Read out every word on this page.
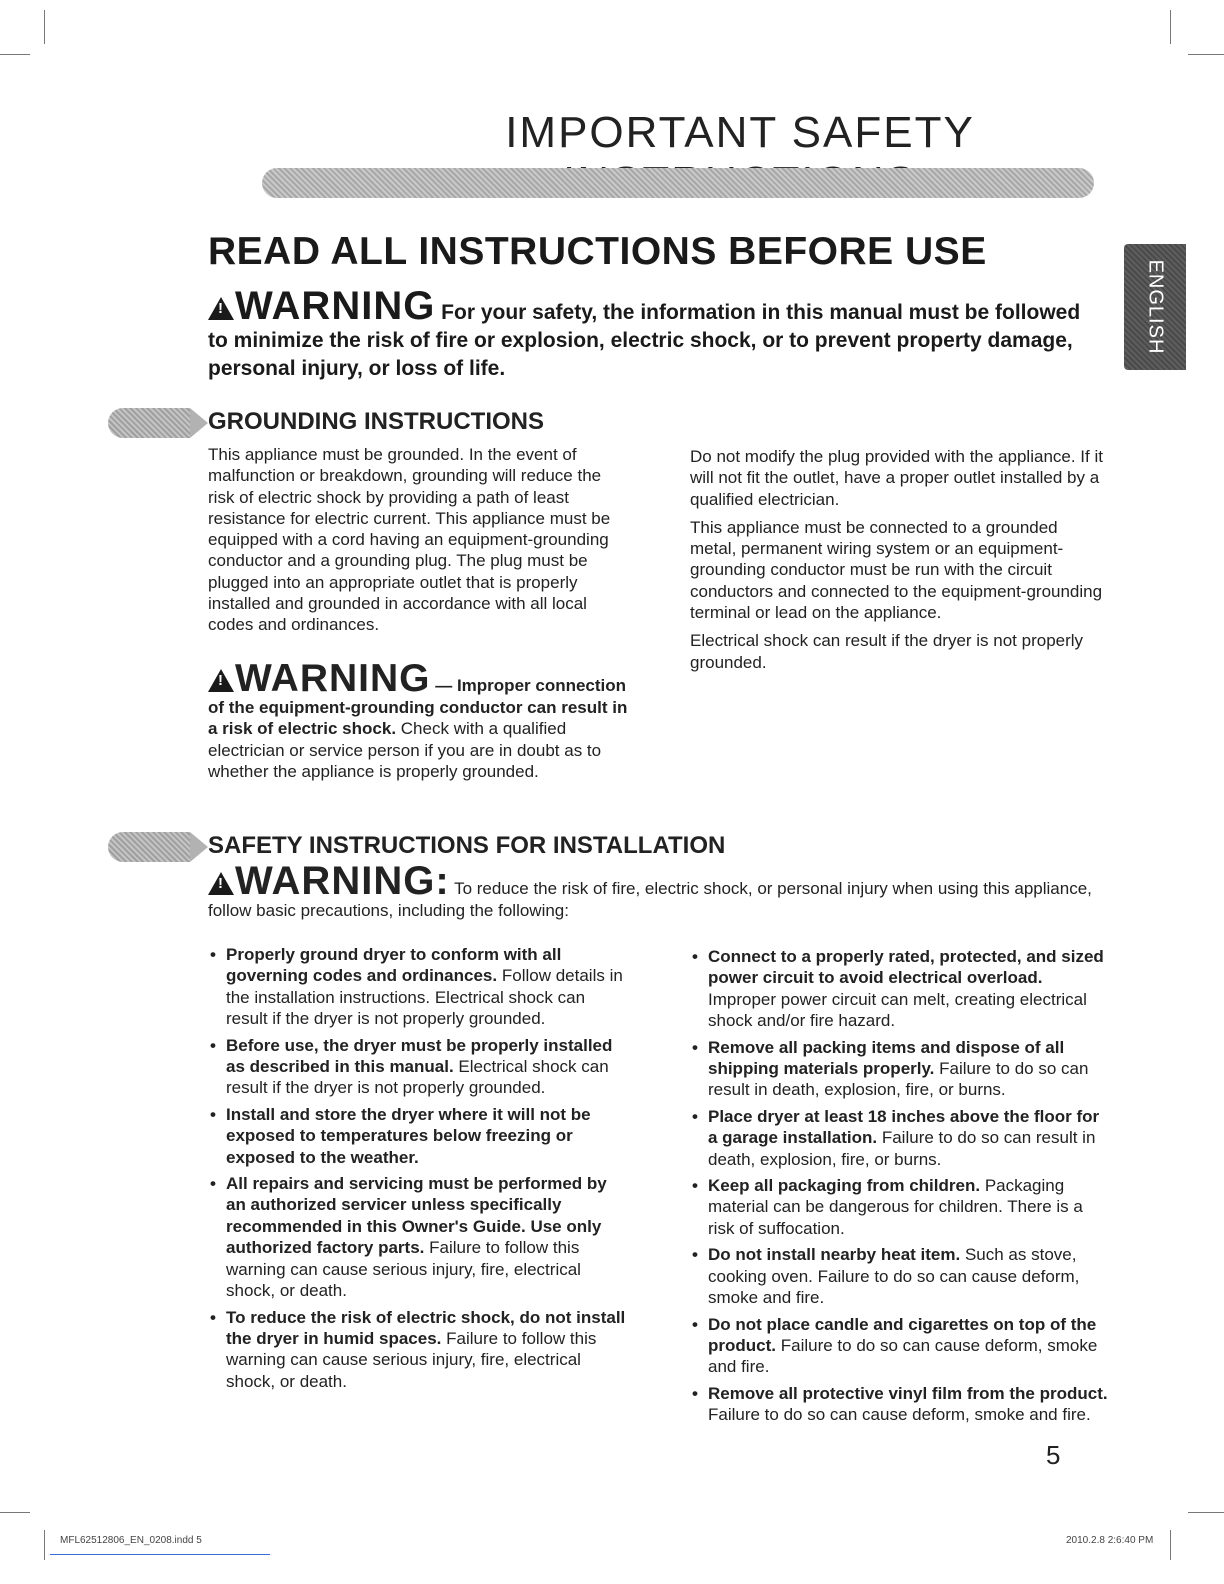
IMPORTANT SAFETY
ENGLISH
READ ALL INSTRUCTIONS BEFORE USE
!WARNING For your safety, the information in this manual must be followed to minimize the risk of fire or explosion, electric shock, or to prevent property damage, personal injury, or loss of life.
GROUNDING INSTRUCTIONS

This appliance must be grounded. In the event of malfunction or breakdown, grounding will reduce the risk of electric shock by providing a path of least resistance for electric current. This appliance must be equipped with a cord having an equipment-grounding conductor and a grounding plug. The plug must be plugged into an appropriate outlet that is properly installed and grounded in accordance with all local codes and ordinances.

!WARNING — Improper connection of the equipment-grounding conductor can result in a risk of electric shock. Check with a qualified electrician or service person if you are in doubt as to whether the appliance is properly grounded.

Do not modify the plug provided with the appliance. If it will not fit the outlet, have a proper outlet installed by a qualified electrician.

This appliance must be connected to a grounded metal, permanent wiring system or an equipment-grounding conductor must be run with the circuit conductors and connected to the equipment-grounding terminal or lead on the appliance.

Electrical shock can result if the dryer is not properly grounded.

SAFETY INSTRUCTIONS FOR INSTALLATION
!WARNING: To reduce the risk of fire, electric shock, or personal injury when using this appliance, follow basic precautions, including the following:
• Properly ground dryer to conform with all governing codes and ordinances. Follow details in the installation instructions. Electrical shock can result if the dryer is not properly grounded.
• Before use, the dryer must be properly installed as described in this manual. Electrical shock can result if the dryer is not properly grounded.
• Install and store the dryer where it will not be exposed to temperatures below freezing or exposed to the weather.
• All repairs and servicing must be performed by an authorized servicer unless specifically recommended in this Owner's Guide. Use only authorized factory parts. Failure to follow this warning can cause serious injury, fire, electrical shock, or death.
• To reduce the risk of electric shock, do not install the dryer in humid spaces. Failure to follow this warning can cause serious injury, fire, electrical shock, or death.
• Connect to a properly rated, protected, and sized power circuit to avoid electrical overload. Improper power circuit can melt, creating electrical shock and/or fire hazard.
• Remove all packing items and dispose of all shipping materials properly. Failure to do so can result in death, explosion, fire, or burns.
• Place dryer at least 18 inches above the floor for a garage installation. Failure to do so can result in death, explosion, fire, or burns.
• Keep all packaging from children. Packaging material can be dangerous for children. There is a risk of suffocation.
• Do not install nearby heat item. Such as stove, cooking oven. Failure to do so can cause deform, smoke and fire.
• Do not place candle and cigarettes on top of the product. Failure to do so can cause deform, smoke and fire.
• Remove all protective vinyl film from the product. Failure to do so can cause deform, smoke and fire.
5
MFL62512806_EN_0208.indd 5	2010.2.8 2:6:40 PM
